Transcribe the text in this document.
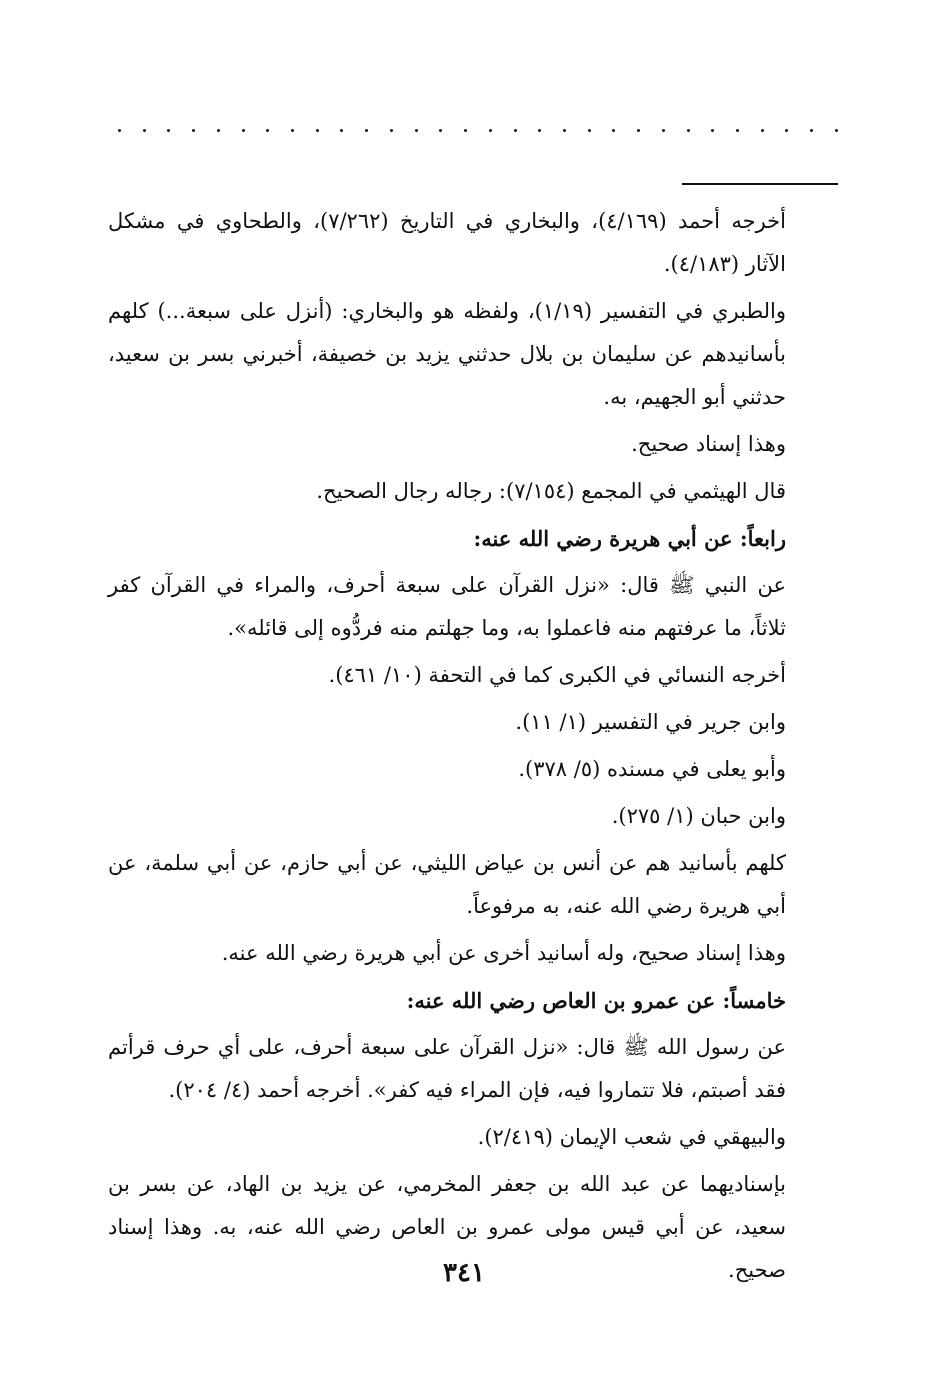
أخرجه أحمد (٤/١٦٩)، والبخاري في التاريخ (٧/٢٦٢)، والطحاوي في مشكل الآثار (٤/١٨٣).

والطبري في التفسير (١/١٩)، ولفظه هو والبخاري: (أنزل على سبعة...) كلهم بأسانيدهم عن سليمان بن بلال حدثني يزيد بن خصيفة، أخبرني بسر بن سعيد، حدثني أبو الجهيم، به.

وهذا إسناد صحيح.

قال الهيثمي في المجمع (٧/١٥٤): رجاله رجال الصحيح.

رابعاً: عن أبي هريرة رضي الله عنه:

عن النبي ﷺ قال: «نزل القرآن على سبعة أحرف، والمراء في القرآن كفر ثلاثاً، ما عرفتهم منه فاعملوا به، وما جهلتم منه فردُّوه إلى قائله».

أخرجه النسائي في الكبرى كما في التحفة (١٠/ ٤٦١).

وابن جرير في التفسير (١/ ١١).

وأبو يعلى في مسنده (٥/ ٣٧٨).

وابن حبان (١/ ٢٧٥).

كلهم بأسانيد هم عن أنس بن عياض الليثي، عن أبي حازم، عن أبي سلمة، عن أبي هريرة رضي الله عنه، به مرفوعاً.

وهذا إسناد صحيح، وله أسانيد أخرى عن أبي هريرة رضي الله عنه.

خامساً: عن عمرو بن العاص رضي الله عنه:

عن رسول الله ﷺ قال: «نزل القرآن على سبعة أحرف، على أي حرف قرأتم فقد أصبتم، فلا تتماروا فيه، فإن المراء فيه كفر». أخرجه أحمد (٤/ ٢٠٤).

والبيهقي في شعب الإيمان (٢/٤١٩).

بإسناديهما عن عبد الله بن جعفر المخرمي، عن يزيد بن الهاد، عن بسر بن سعيد، عن أبي قيس مولى عمرو بن العاص رضي الله عنه، به. وهذا إسناد صحيح.

٣٤١
